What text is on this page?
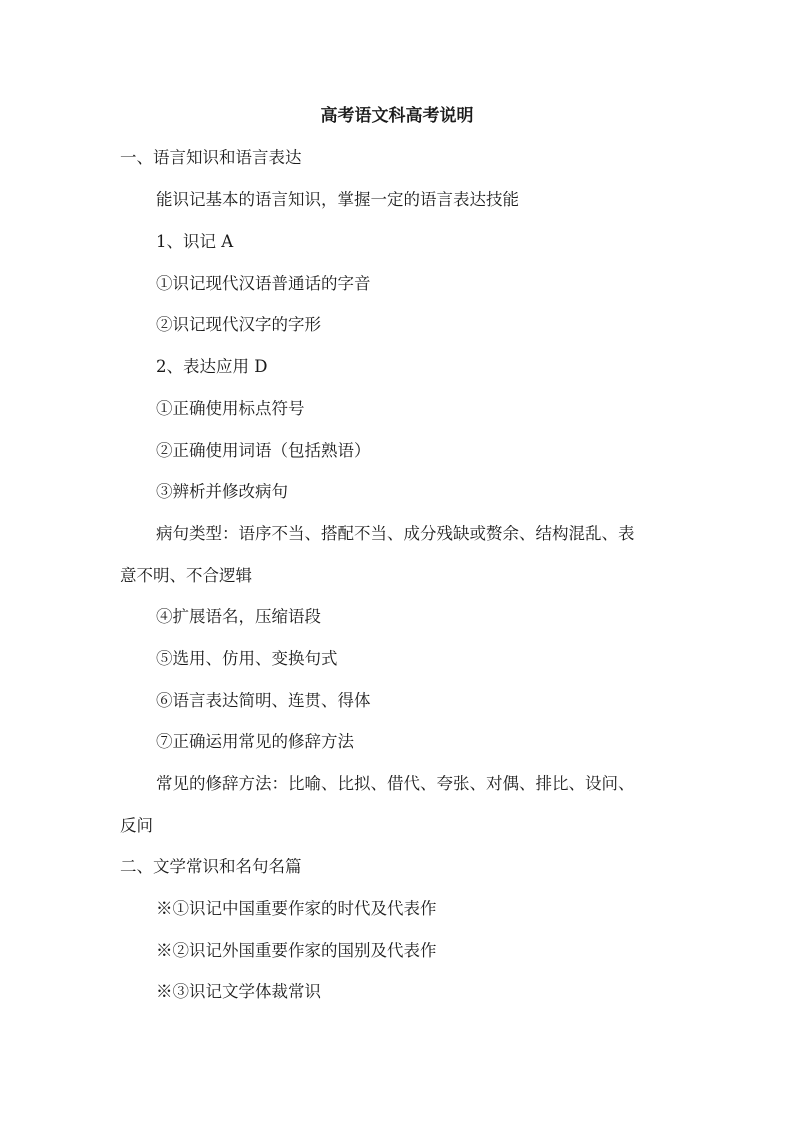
高考语文科高考说明
一、语言知识和语言表达
能识记基本的语言知识，掌握一定的语言表达技能
1、识记 A
①识记现代汉语普通话的字音
②识记现代汉字的字形
2、表达应用 D
①正确使用标点符号
②正确使用词语（包括熟语）
③辨析并修改病句
病句类型：语序不当、搭配不当、成分残缺或赘余、结构混乱、表
意不明、不合逻辑
④扩展语名，压缩语段
⑤选用、仿用、变换句式
⑥语言表达简明、连贯、得体
⑦正确运用常见的修辞方法
常见的修辞方法：比喻、比拟、借代、夸张、对偶、排比、设问、
反问
二、文学常识和名句名篇
※①识记中国重要作家的时代及代表作
※②识记外国重要作家的国别及代表作
※③识记文学体裁常识
